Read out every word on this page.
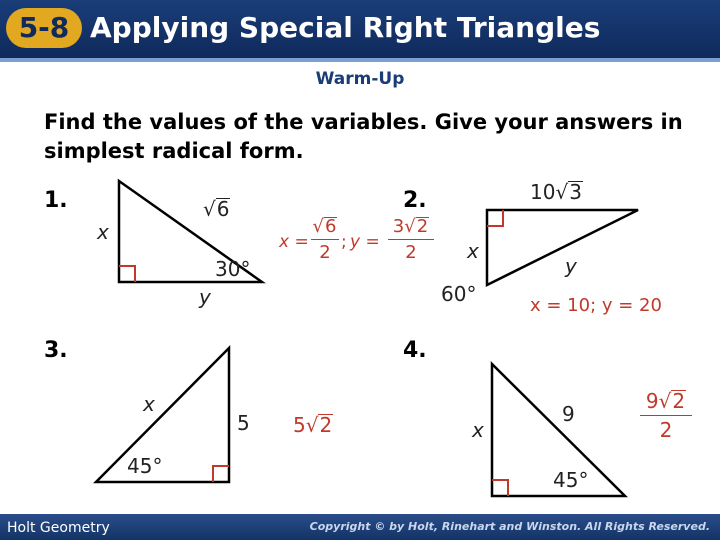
5-8 Applying Special Right Triangles
Warm-Up
Find the values of the variables. Give your answers in simplest radical form.
1.	√6
x
30°
y
x =
√6
2 ; y =
3√2
2
2.	10√3
x
y
60°	x = 10; y = 20
3.
x
5
45°
5√2
4.
x
9
45°
9√2
2
Holt Geometry	Copyright © by Holt, Rinehart and Winston. All Rights Reserved.
